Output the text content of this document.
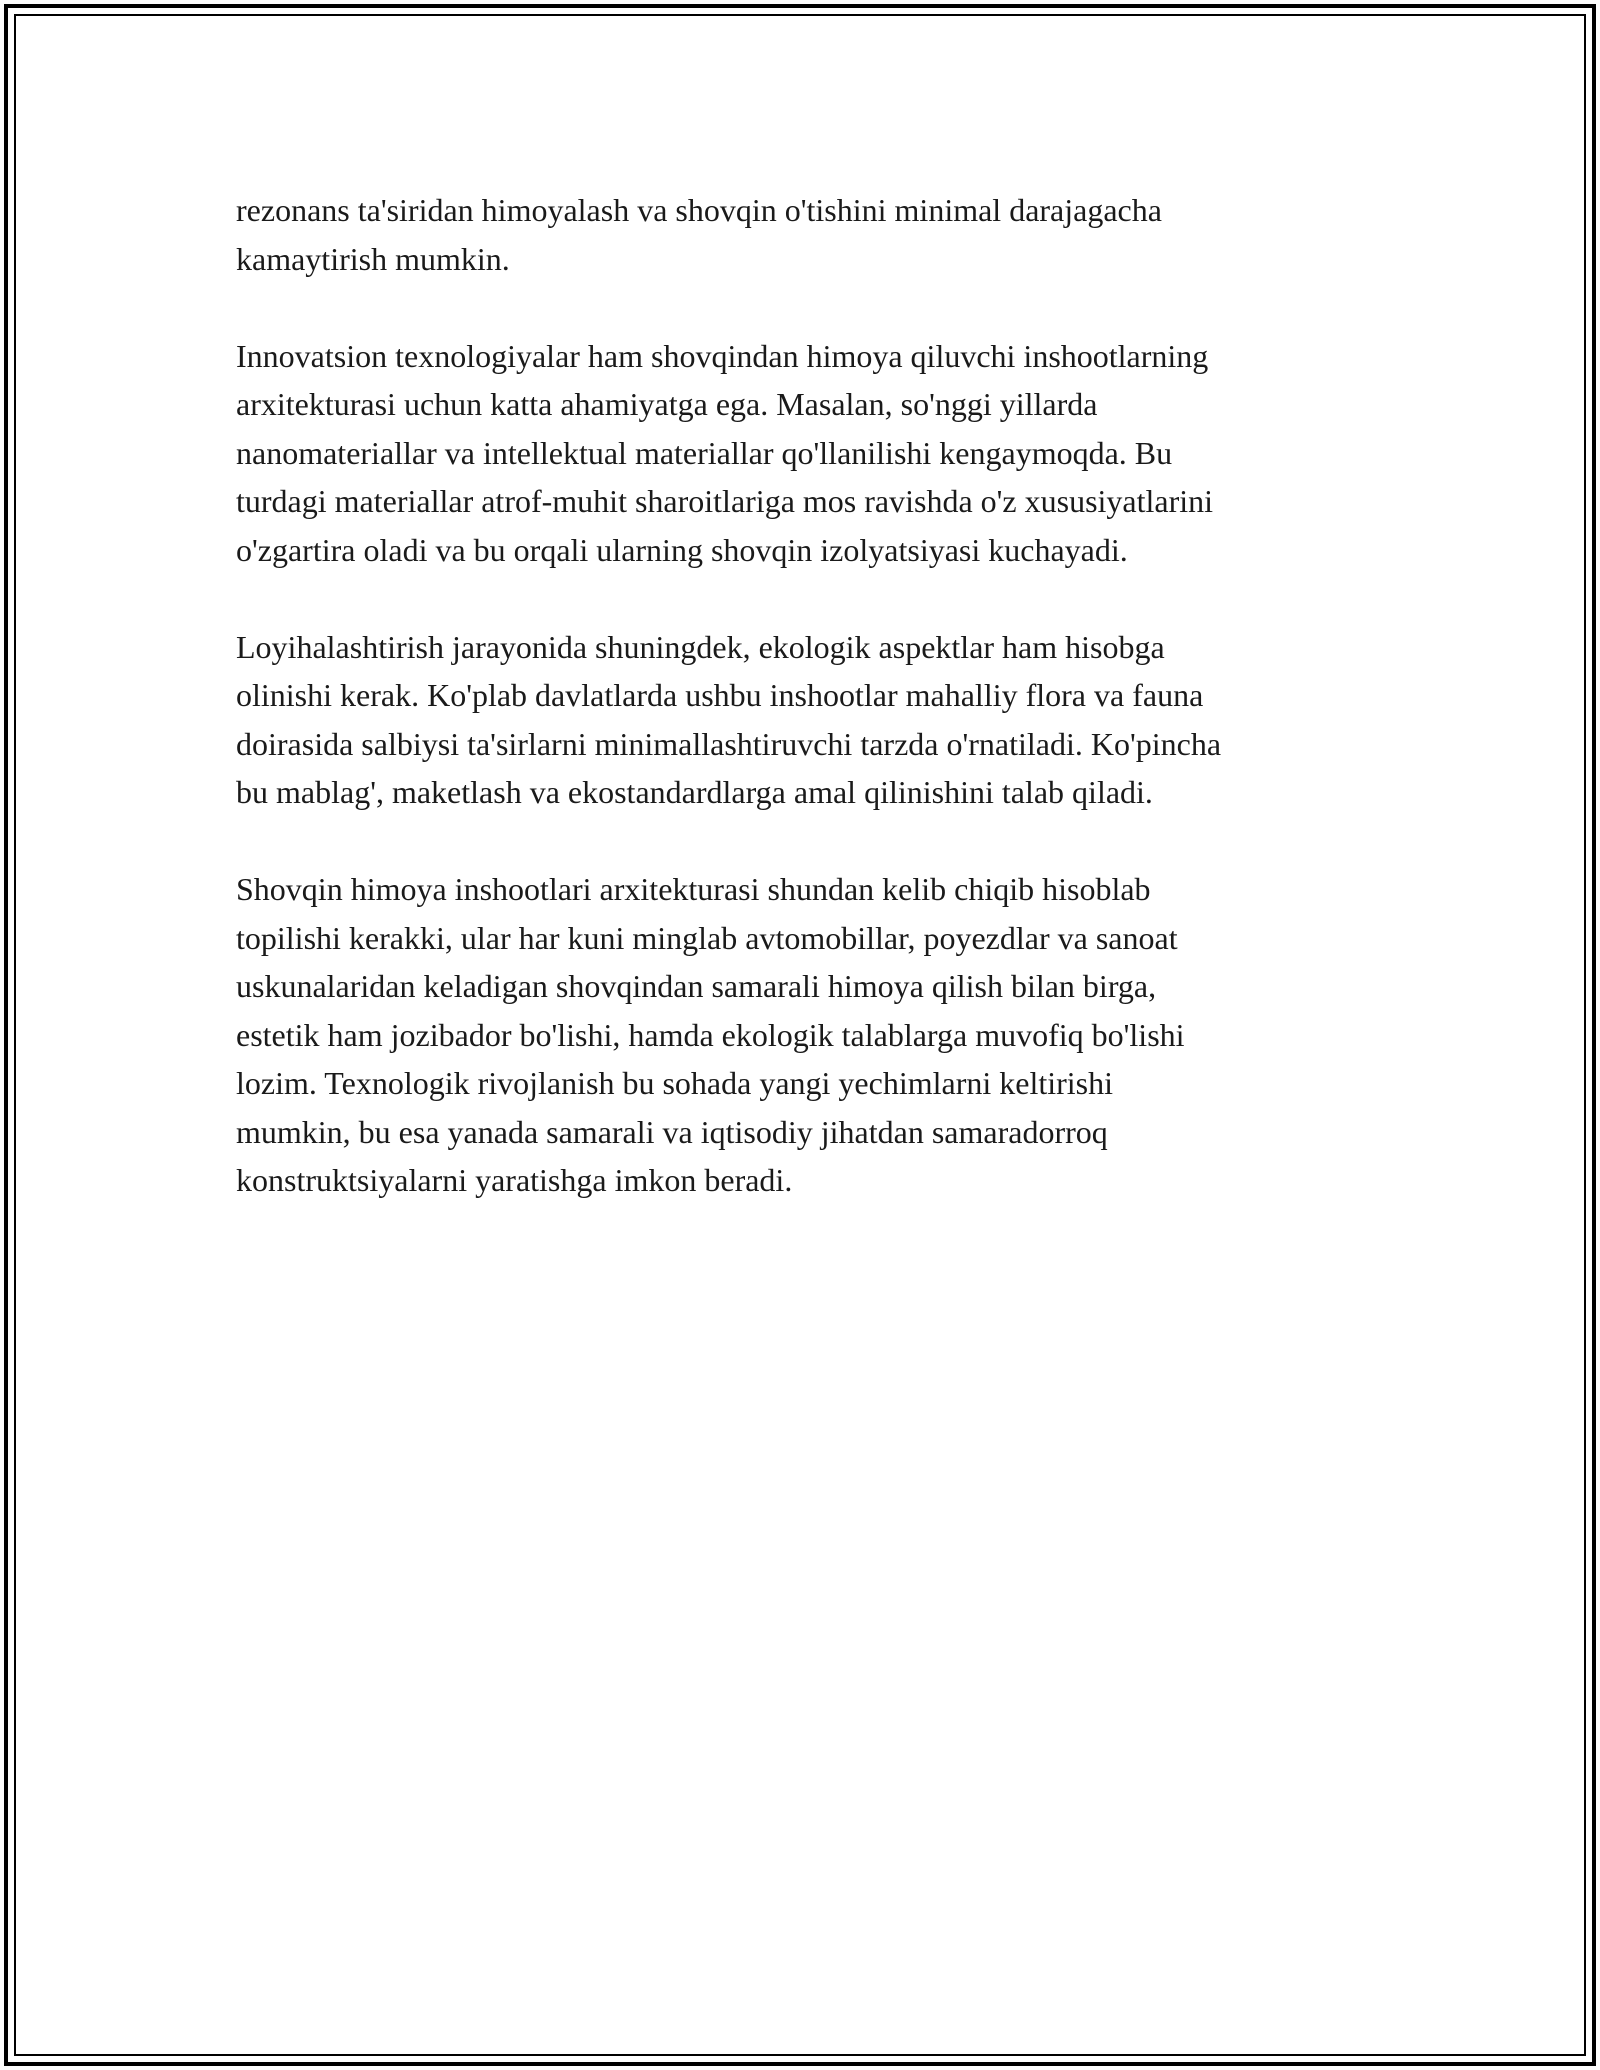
rezonans ta'siridan himoyalash va shovqin o'tishini minimal darajagacha
kamaytirish mumkin.

Innovatsion texnologiyalar ham shovqindan himoya qiluvchi inshootlarning
arxitekturasi uchun katta ahamiyatga ega. Masalan, so'nggi yillarda
nanomateriallar va intellektual materiallar qo'llanilishi kengaymoqda. Bu
turdagi materiallar atrof-muhit sharoitlariga mos ravishda o'z xususiyatlarini
o'zgartira oladi va bu orqali ularning shovqin izolyatsiyasi kuchayadi.

Loyihalashtirish jarayonida shuningdek, ekologik aspektlar ham hisobga
olinishi kerak. Ko'plab davlatlarda ushbu inshootlar mahalliy flora va fauna
doirasida salbiysi ta'sirlarni minimallashtiruvchi tarzda o'rnatiladi. Ko'pincha
bu mablag', maketlash va ekostandardlarga amal qilinishini talab qiladi.

Shovqin himoya inshootlari arxitekturasi shundan kelib chiqib hisoblab
topilishi kerakki, ular har kuni minglab avtomobillar, poyezdlar va sanoat
uskunalaridan keladigan shovqindan samarali himoya qilish bilan birga,
estetik ham jozibador bo'lishi, hamda ekologik talablarga muvofiq bo'lishi
lozim. Texnologik rivojlanish bu sohada yangi yechimlarni keltirishi
mumkin, bu esa yanada samarali va iqtisodiy jihatdan samaradorroq
konstruktsiyalarni yaratishga imkon beradi.
